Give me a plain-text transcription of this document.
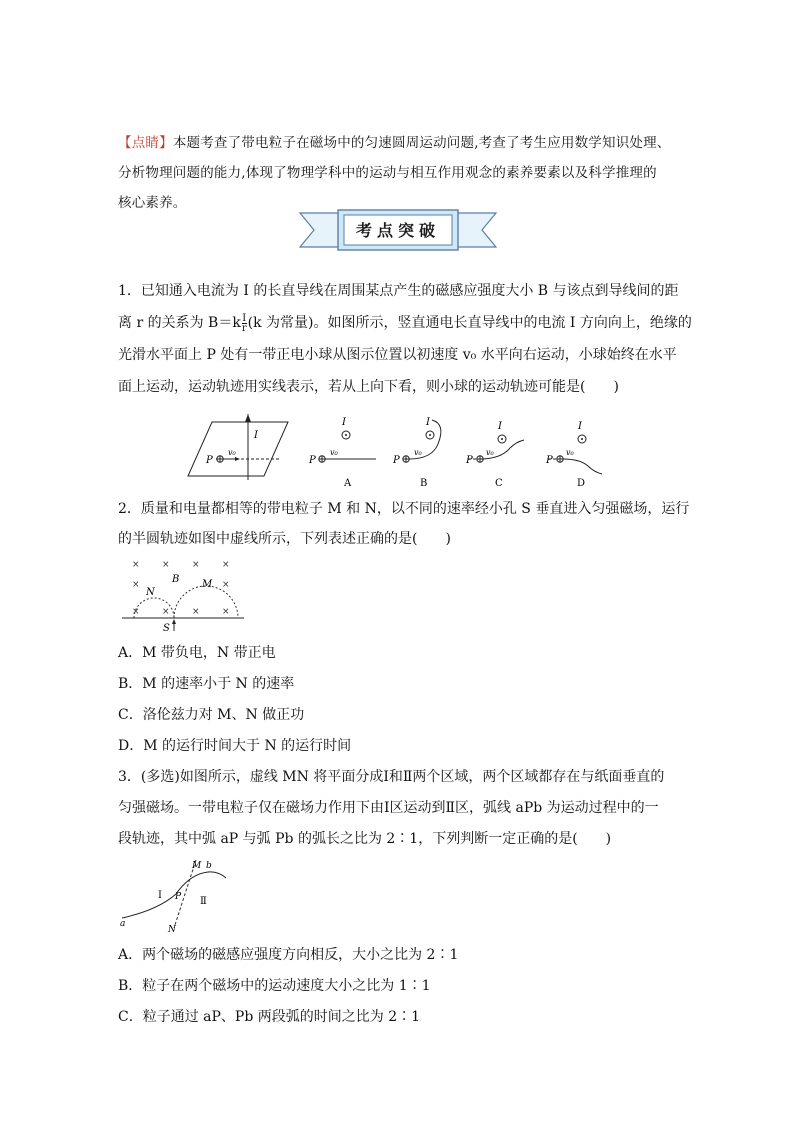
【点睛】本题考查了带电粒子在磁场中的匀速圆周运动问题,考查了考生应用数学知识处理、
分析物理问题的能力,体现了物理学科中的运动与相互作用观念的素养要素以及科学推理的
核心素养。
考点突破
1．已知通入电流为 I 的长直导线在周围某点产生的磁感应强度大小 B 与该点到导线间的距
离 r 的关系为 $B=k \frac{I}{r} (k$ 为常量)。如图所示，竖直通电长直导线中的电流 I 方向向上，绝缘的
光滑水平面上 P 处有一带正电小球从图示位置以初速度 v₀ 水平向右运动，小球始终在水平
面上运动，运动轨迹用实线表示，若从上向下看，则小球的运动轨迹可能是(　　)
I
P
v₀
I
P
v₀
A
I
P
v₀
B
I
P
v₀
C
I
P
v₀
D
2．质量和电量都相等的带电粒子 M 和 N，以不同的速率经小孔 S 垂直进入匀强磁场，运行
的半圆轨迹如图中虚线所示，下列表述正确的是(　　)
× × × ×
×	×
× × × ×
B
N
M
S
A．M 带负电，N 带正电
B．M 的速率小于 N 的速率
C．洛伦兹力对 M、N 做正功
D．M 的运行时间大于 N 的运行时间
3．(多选)如图所示，虚线 MN 将平面分成Ⅰ和Ⅱ两个区域，两个区域都存在与纸面垂直的
匀强磁场。一带电粒子仅在磁场力作用下由Ⅰ区运动到Ⅱ区，弧线 aPb 为运动过程中的一
段轨迹，其中弧 aP 与弧 Pb 的弧长之比为 2∶1，下列判断一定正确的是(　　)
M
N
P
a
b
Ⅰ
Ⅱ
A．两个磁场的磁感应强度方向相反，大小之比为 2∶1
B．粒子在两个磁场中的运动速度大小之比为 1∶1
C．粒子通过 aP、Pb 两段弧的时间之比为 2∶1
